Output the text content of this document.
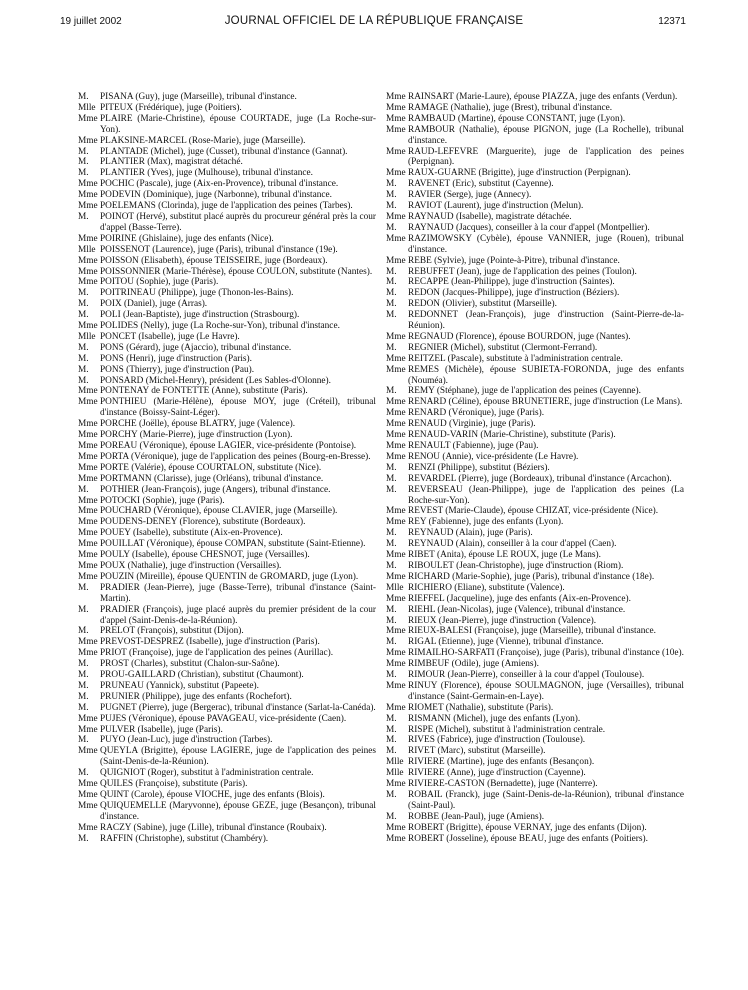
19 juillet 2002	JOURNAL OFFICIEL DE LA RÉPUBLIQUE FRANÇAISE	12371
M.	PISANA (Guy), juge (Marseille), tribunal d'instance.
Mlle PITEUX (Frédérique), juge (Poitiers).
Mme PLAIRE (Marie-Christine), épouse COURTADE, juge (La Roche-sur-Yon).
Mme PLAKSINE-MARCEL (Rose-Marie), juge (Marseille).
M.	PLANTADE (Michel), juge (Cusset), tribunal d'instance (Gannat).
M.	PLANTIER (Max), magistrat détaché.
M.	PLANTIER (Yves), juge (Mulhouse), tribunal d'instance.
Mme POCHIC (Pascale), juge (Aix-en-Provence), tribunal d'instance.
Mme PODEVIN (Dominique), juge (Narbonne), tribunal d'instance.
Mme POELEMANS (Clorinda), juge de l'application des peines (Tarbes).
M.	POINOT (Hervé), substitut placé auprès du procureur général près la cour d'appel (Basse-Terre).
Mme POIRINE (Ghislaine), juge des enfants (Nice).
Mlle POISSENOT (Laurence), juge (Paris), tribunal d'instance (19e).
Mme POISSON (Elisabeth), épouse TEISSEIRE, juge (Bordeaux).
Mme POISSONNIER (Marie-Thérèse), épouse COULON, substitute (Nantes).
Mme POITOU (Sophie), juge (Paris).
M.	POITRINEAU (Philippe), juge (Thonon-les-Bains).
M.	POIX (Daniel), juge (Arras).
M.	POLI (Jean-Baptiste), juge d'instruction (Strasbourg).
Mme POLIDES (Nelly), juge (La Roche-sur-Yon), tribunal d'instance.
Mlle PONCET (Isabelle), juge (Le Havre).
M.	PONS (Gérard), juge (Ajaccio), tribunal d'instance.
M.	PONS (Henri), juge d'instruction (Paris).
M.	PONS (Thierry), juge d'instruction (Pau).
M.	PONSARD (Michel-Henry), président (Les Sables-d'Olonne).
Mme PONTENAY de FONTETTE (Anne), substitute (Paris).
Mme PONTHIEU (Marie-Hélène), épouse MOY, juge (Créteil), tribunal d'instance (Boissy-Saint-Léger).
Mme PORCHE (Joëlle), épouse BLATRY, juge (Valence).
Mme PORCHY (Marie-Pierre), juge d'instruction (Lyon).
Mme POREAU (Véronique), épouse LAGIER, vice-présidente (Pontoise).
Mme PORTA (Véronique), juge de l'application des peines (Bourg-en-Bresse).
Mme PORTE (Valérie), épouse COURTALON, substitute (Nice).
Mme PORTMANN (Clarisse), juge (Orléans), tribunal d'instance.
M.	POTHIER (Jean-François), juge (Angers), tribunal d'instance.
Mme POTOCKI (Sophie), juge (Paris).
Mme POUCHARD (Véronique), épouse CLAVIER, juge (Marseille).
Mme POUDENS-DENEY (Florence), substitute (Bordeaux).
Mme POUEY (Isabelle), substitute (Aix-en-Provence).
Mme POUILLAT (Véronique), épouse COMPAN, substitute (Saint-Etienne).
Mme POULY (Isabelle), épouse CHESNOT, juge (Versailles).
Mme POUX (Nathalie), juge d'instruction (Versailles).
Mme POUZIN (Mireille), épouse QUENTIN de GROMARD, juge (Lyon).
M.	PRADIER (Jean-Pierre), juge (Basse-Terre), tribunal d'instance (Saint-Martin).
M.	PRADIER (François), juge placé auprès du premier président de la cour d'appel (Saint-Denis-de-la-Réunion).
M.	PRELOT (François), substitut (Dijon).
Mme PREVOST-DESPREZ (Isabelle), juge d'instruction (Paris).
Mme PRIOT (Françoise), juge de l'application des peines (Aurillac).
M.	PROST (Charles), substitut (Chalon-sur-Saône).
M.	PROU-GAILLARD (Christian), substitut (Chaumont).
M.	PRUNEAU (Yannick), substitut (Papeete).
M.	PRUNIER (Philippe), juge des enfants (Rochefort).
M.	PUGNET (Pierre), juge (Bergerac), tribunal d'instance (Sarlat-la-Canéda).
Mme PUJES (Véronique), épouse PAVAGEAU, vice-présidente (Caen).
Mme PULVER (Isabelle), juge (Paris).
M.	PUYO (Jean-Luc), juge d'instruction (Tarbes).
Mme QUEYLA (Brigitte), épouse LAGIERE, juge de l'application des peines (Saint-Denis-de-la-Réunion).
M.	QUIGNIOT (Roger), substitut à l'administration centrale.
Mme QUILES (Françoise), substitute (Paris).
Mme QUINT (Carole), épouse VIOCHE, juge des enfants (Blois).
Mme QUIQUEMELLE (Maryvonne), épouse GEZE, juge (Besançon), tribunal d'instance.
Mme RACZY (Sabine), juge (Lille), tribunal d'instance (Roubaix).
M.	RAFFIN (Christophe), substitut (Chambéry).
Mme RAINSART (Marie-Laure), épouse PIAZZA, juge des enfants (Verdun).
Mme RAMAGE (Nathalie), juge (Brest), tribunal d'instance.
Mme RAMBAUD (Martine), épouse CONSTANT, juge (Lyon).
Mme RAMBOUR (Nathalie), épouse PIGNON, juge (La Rochelle), tribunal d'instance.
Mme RAUD-LEFEVRE (Marguerite), juge de l'application des peines (Perpignan).
Mme RAUX-GUARNE (Brigitte), juge d'instruction (Perpignan).
M.	RAVENET (Eric), substitut (Cayenne).
M.	RAVIER (Serge), juge (Annecy).
M.	RAVIOT (Laurent), juge d'instruction (Melun).
Mme RAYNAUD (Isabelle), magistrate détachée.
M.	RAYNAUD (Jacques), conseiller à la cour d'appel (Montpellier).
Mme RAZIMOWSKY (Cybèle), épouse VANNIER, juge (Rouen), tribunal d'instance.
Mme REBE (Sylvie), juge (Pointe-à-Pitre), tribunal d'instance.
M.	REBUFFET (Jean), juge de l'application des peines (Toulon).
M.	RECAPPE (Jean-Philippe), juge d'instruction (Saintes).
M.	REDON (Jacques-Philippe), juge d'instruction (Béziers).
M.	REDON (Olivier), substitut (Marseille).
M.	REDONNET (Jean-François), juge d'instruction (Saint-Pierre-de-la-Réunion).
Mme REGNAUD (Florence), épouse BOURDON, juge (Nantes).
M.	REGNIER (Michel), substitut (Clermont-Ferrand).
Mme REITZEL (Pascale), substitute à l'administration centrale.
Mme REMES (Michèle), épouse SUBIETA-FORONDA, juge des enfants (Nouméa).
M.	REMY (Stéphane), juge de l'application des peines (Cayenne).
Mme RENARD (Céline), épouse BRUNETIERE, juge d'instruction (Le Mans).
Mme RENARD (Véronique), juge (Paris).
Mme RENAUD (Virginie), juge (Paris).
Mme RENAUD-VARIN (Marie-Christine), substitute (Paris).
Mme RENAULT (Fabienne), juge (Pau).
Mme RENOU (Annie), vice-présidente (Le Havre).
M.	RENZI (Philippe), substitut (Béziers).
M.	REVARDEL (Pierre), juge (Bordeaux), tribunal d'instance (Arcachon).
M.	REVERSEAU (Jean-Philippe), juge de l'application des peines (La Roche-sur-Yon).
Mme REVEST (Marie-Claude), épouse CHIZAT, vice-présidente (Nice).
Mme REY (Fabienne), juge des enfants (Lyon).
M.	REYNAUD (Alain), juge (Paris).
M.	REYNAUD (Alain), conseiller à la cour d'appel (Caen).
Mme RIBET (Anita), épouse LE ROUX, juge (Le Mans).
M.	RIBOULET (Jean-Christophe), juge d'instruction (Riom).
Mme RICHARD (Marie-Sophie), juge (Paris), tribunal d'instance (18e).
Mlle RICHIERO (Eliane), substitute (Valence).
Mme RIEFFEL (Jacqueline), juge des enfants (Aix-en-Provence).
M.	RIEHL (Jean-Nicolas), juge (Valence), tribunal d'instance.
M.	RIEUX (Jean-Pierre), juge d'instruction (Valence).
Mme RIEUX-BALESI (Françoise), juge (Marseille), tribunal d'instance.
M.	RIGAL (Etienne), juge (Vienne), tribunal d'instance.
Mme RIMAILHO-SARFATI (Françoise), juge (Paris), tribunal d'instance (10e).
Mme RIMBEUF (Odile), juge (Amiens).
M.	RIMOUR (Jean-Pierre), conseiller à la cour d'appel (Toulouse).
Mme RINUY (Florence), épouse SOULMAGNON, juge (Versailles), tribunal d'instance (Saint-Germain-en-Laye).
Mme RIOMET (Nathalie), substitute (Paris).
M.	RISMANN (Michel), juge des enfants (Lyon).
M.	RISPE (Michel), substitut à l'administration centrale.
M.	RIVES (Fabrice), juge d'instruction (Toulouse).
M.	RIVET (Marc), substitut (Marseille).
Mlle RIVIERE (Martine), juge des enfants (Besançon).
Mlle RIVIERE (Anne), juge d'instruction (Cayenne).
Mme RIVIERE-CASTON (Bernadette), juge (Nanterre).
M.	ROBAIL (Franck), juge (Saint-Denis-de-la-Réunion), tribunal d'instance (Saint-Paul).
M.	ROBBE (Jean-Paul), juge (Amiens).
Mme ROBERT (Brigitte), épouse VERNAY, juge des enfants (Dijon).
Mme ROBERT (Josseline), épouse BEAU, juge des enfants (Poitiers).
